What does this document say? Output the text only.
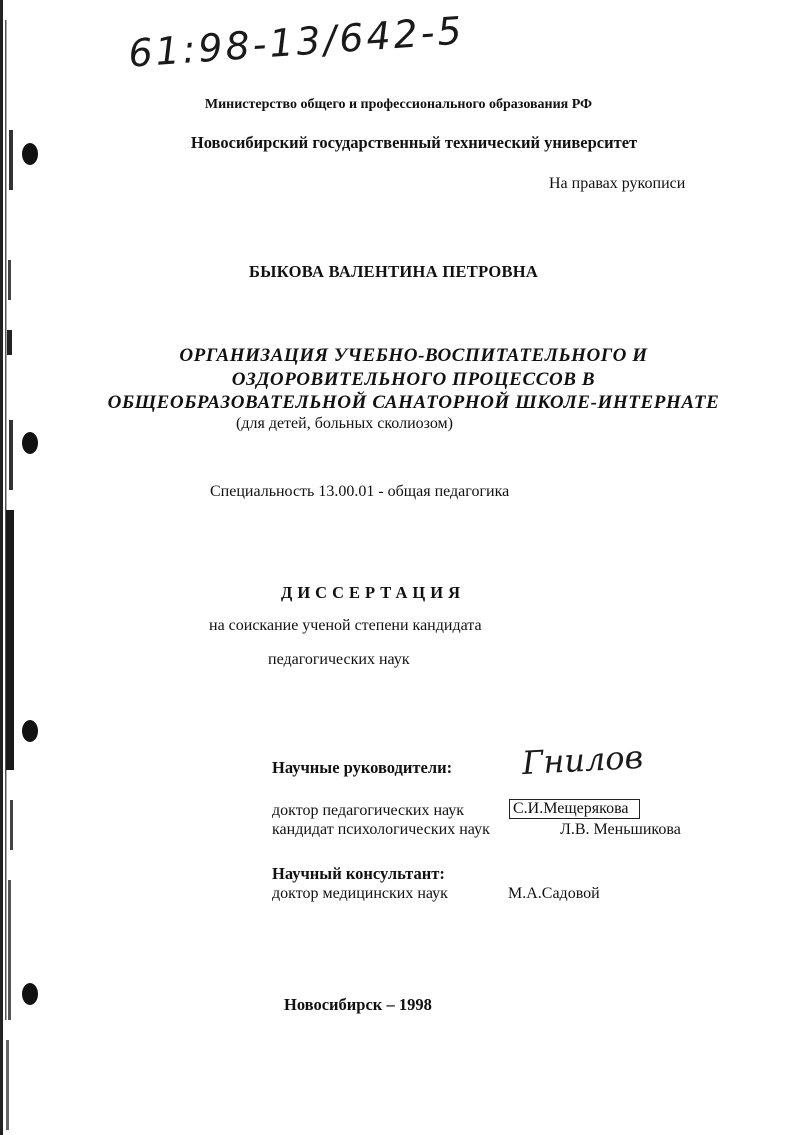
61:98-13/642-5
Министерство общего и профессионального образования РФ
Новосибирский государственный технический университет
На правах рукописи
БЫКОВА ВАЛЕНТИНА ПЕТРОВНА
ОРГАНИЗАЦИЯ УЧЕБНО-ВОСПИТАТЕЛЬНОГО И
ОЗДОРОВИТЕЛЬНОГО ПРОЦЕССОВ В
ОБЩЕОБРАЗОВАТЕЛЬНОЙ САНАТОРНОЙ ШКОЛЕ-ИНТЕРНАТЕ
(для детей, больных сколиозом)
Специальность 13.00.01 - общая педагогика
ДИССЕРТАЦИЯ
на соискание ученой степени кандидата
педагогических наук
Научные руководители: Гнилов
доктор педагогических наук	С.И.Мещерякова
кандидат психологических наук	Л.В. Меньшикова
Научный консультант:
доктор медицинских наук	М.А.Садовой
Новосибирск – 1998
